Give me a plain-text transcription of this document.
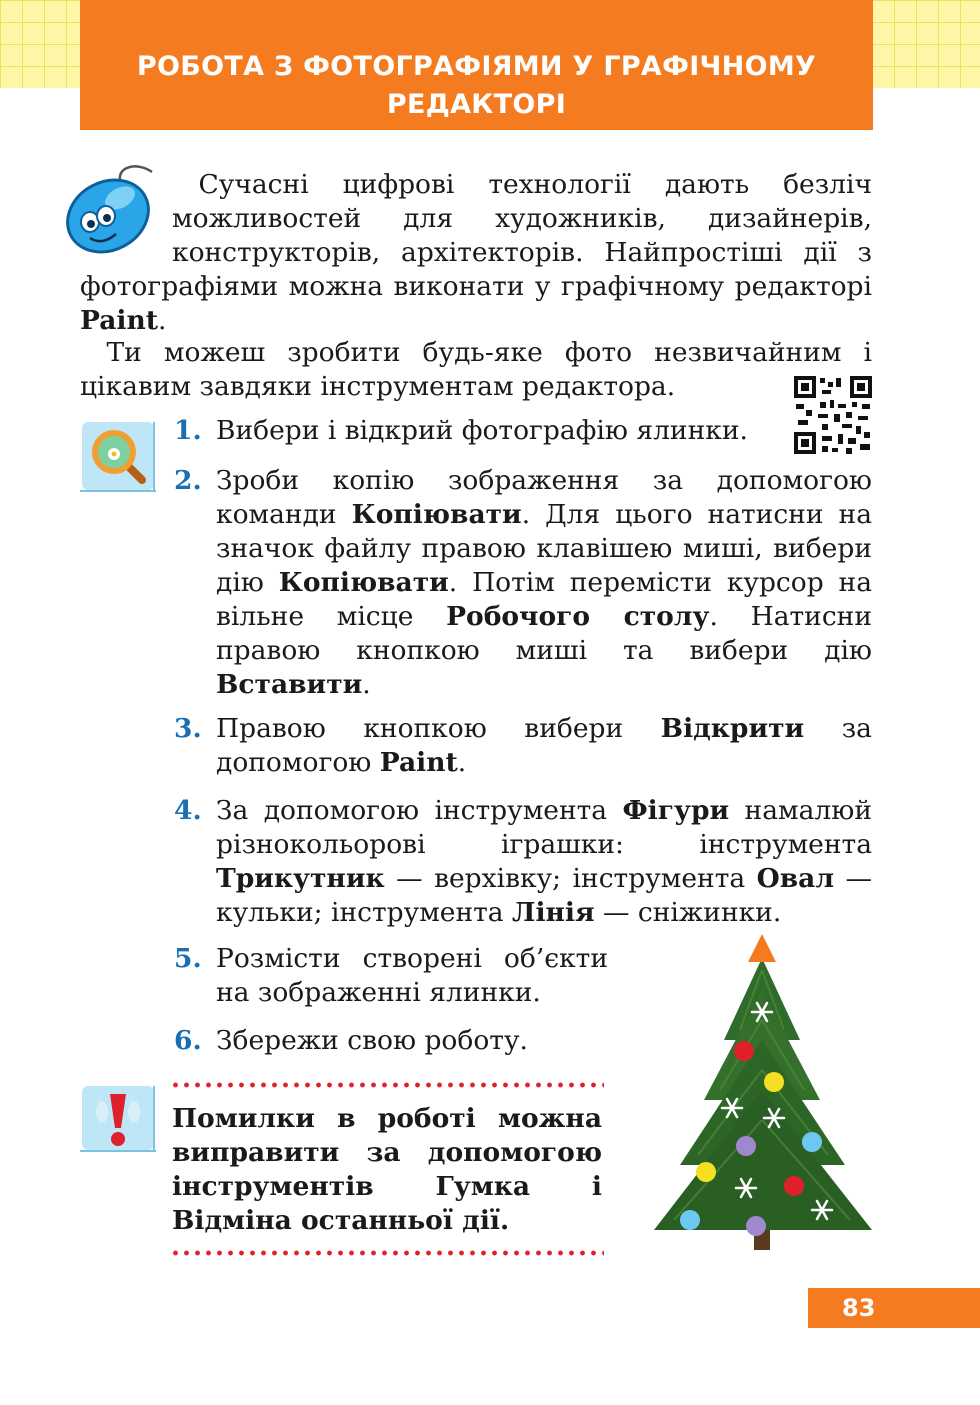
РОБОТА З ФОТОГРАФІЯМИ У ГРАФІЧНОМУ
РЕДАКТОРІ

 Сучасні цифрові технології дають безліч можливостей для художників, дизайнерів, конструкторів, архітекторів. Найпростіші дії з фотографіями можна виконати у графічному редакторі Paint.

 Ти можеш зробити будь-яке фото незвичайним і цікавим завдяки інструментам редактора.

1. Вибери і відкрий фотографію ялинки.
2. Зроби копію зображення за допомогою команди Копіювати. Для цього натисни на значок файлу правою клавішею миші, вибери дію Копіювати. Потім перемісти курсор на вільне місце Робочого столу. Натисни правою кнопкою миші та вибери дію Вставити.
3. Правою кнопкою вибери Відкрити за допомогою Paint.
4. За допомогою інструмента Фігури намалюй різнокольорові іграшки: інструмента Трикутник — верхівку; інструмента Овал — кульки; інструмента Лінія — сніжинки.
5. Розмісти створені об’єкти на зображенні ялинки.
6. Збережи свою роботу.
Помилки в роботі можна виправити за допомогою інструментів Гумка і Відміна останньої дії.
83
